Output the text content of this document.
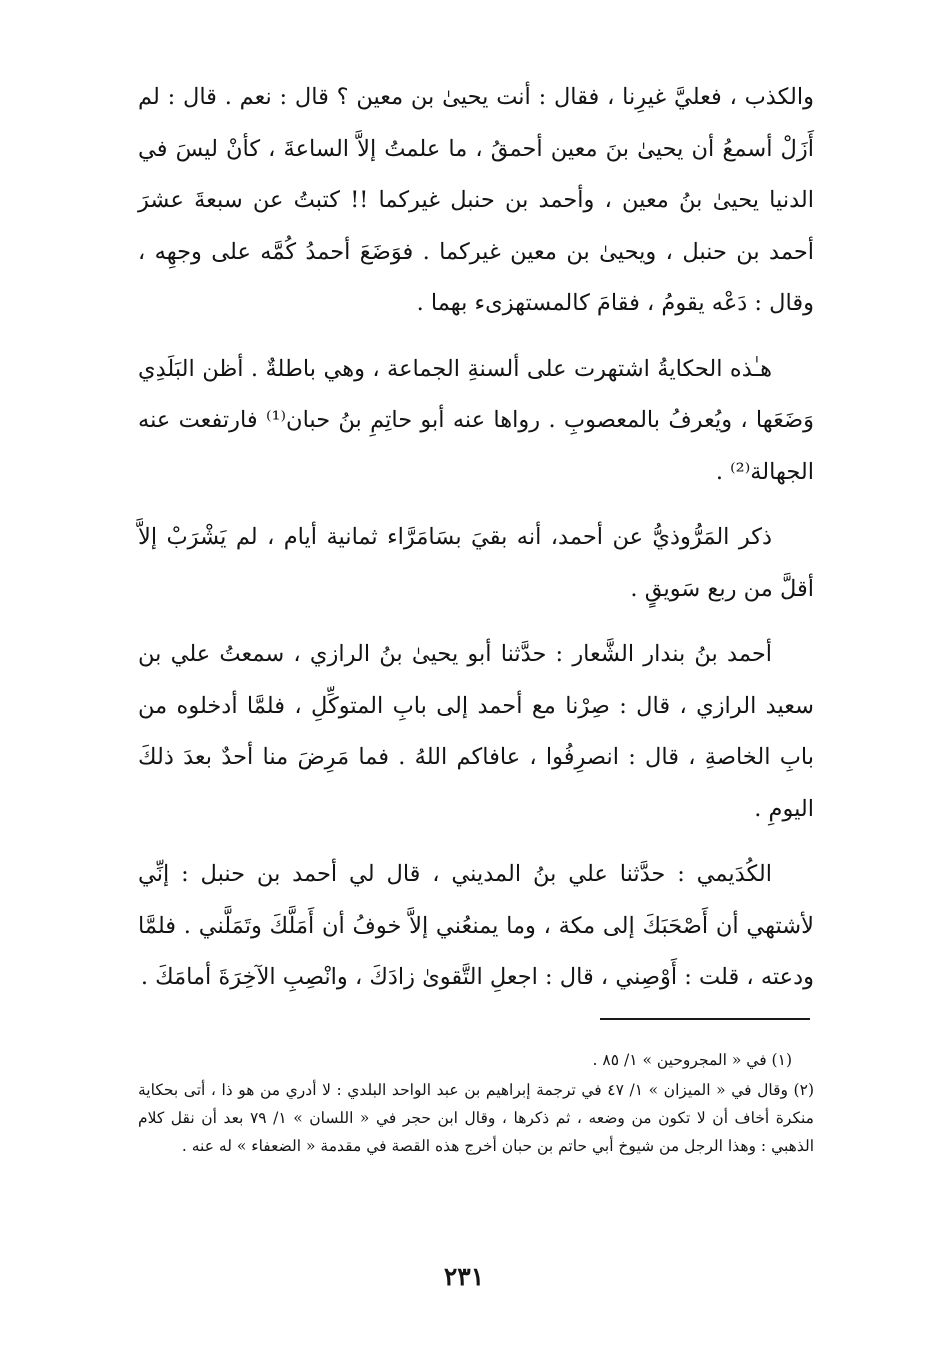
والكذب ، فعليَّ غيرِنا ، فقال : أنت يحيىٰ بن معين ؟ قال : نعم . قال : لم أَزَلْ أسمعُ أن يحيىٰ بنَ معين أحمقُ ، ما علمتُ إلاَّ الساعةَ ، كأنْ ليسَ في الدنيا يحيىٰ بنُ معين ، وأحمد بن حنبل غيركما !! كتبتُ عن سبعةَ عشرَ أحمد بن حنبل ، ويحيىٰ بن معين غيركما . فوَضَعَ أحمدُ كُمَّه على وجهِه ، وقال : دَعْه يقومُ ، فقامَ كالمستهزىء بهما .

هـٰذه الحكايةُ اشتهرت على ألسنةِ الجماعة ، وهي باطلةٌ . أظن البَلَدِي وَضَعَها ، ويُعرفُ بالمعصوبِ . رواها عنه أبو حاتِمِ بنُ حبان⁽¹⁾ فارتفعت عنه الجهالة⁽²⁾ .

ذكر المَرُّوذيُّ عن أحمد، أنه بقيَ بسَامَرَّاء ثمانية أيام ، لم يَشْرَبْ إلاَّ أقلَّ من ربع سَويقٍ .

أحمد بنُ بندار الشَّعار : حدَّثنا أبو يحيىٰ بنُ الرازي ، سمعتُ علي بن سعيد الرازي ، قال : صِرْنا مع أحمد إلى بابِ المتوكِّلِ ، فلمَّا أدخلوه من بابِ الخاصةِ ، قال : انصرِفُوا ، عافاكم اللهُ . فما مَرِضَ منا أحدٌ بعدَ ذلكَ اليومِ .

الكُدَيمي : حدَّثنا علي بنُ المديني ، قال لي أحمد بن حنبل : إنِّي لأشتهي أن أَصْحَبَكَ إلى مكة ، وما يمنعُني إلاَّ خوفُ أن أَمَلَّكَ وتَمَلَّني . فلمَّا ودعته ، قلت : أَوْصِني ، قال : اجعلِ التَّقوىٰ زادَكَ ، وانْصِبِ الآخِرَةَ أمامَكَ .

(١) في « المجروحين » ١/ ٨٥ .

(٢) وقال في « الميزان » ١/ ٤٧ في ترجمة إبراهيم بن عبد الواحد البلدي : لا أدري من هو ذا ، أتى بحكاية منكرة أخاف أن لا تكون من وضعه ، ثم ذكرها ، وقال ابن حجر في « اللسان » ١/ ٧٩ بعد أن نقل كلام الذهبي : وهذا الرجل من شيوخ أبي حاتم بن حبان أخرج هذه القصة في مقدمة « الضعفاء » له عنه .

٢٣١
